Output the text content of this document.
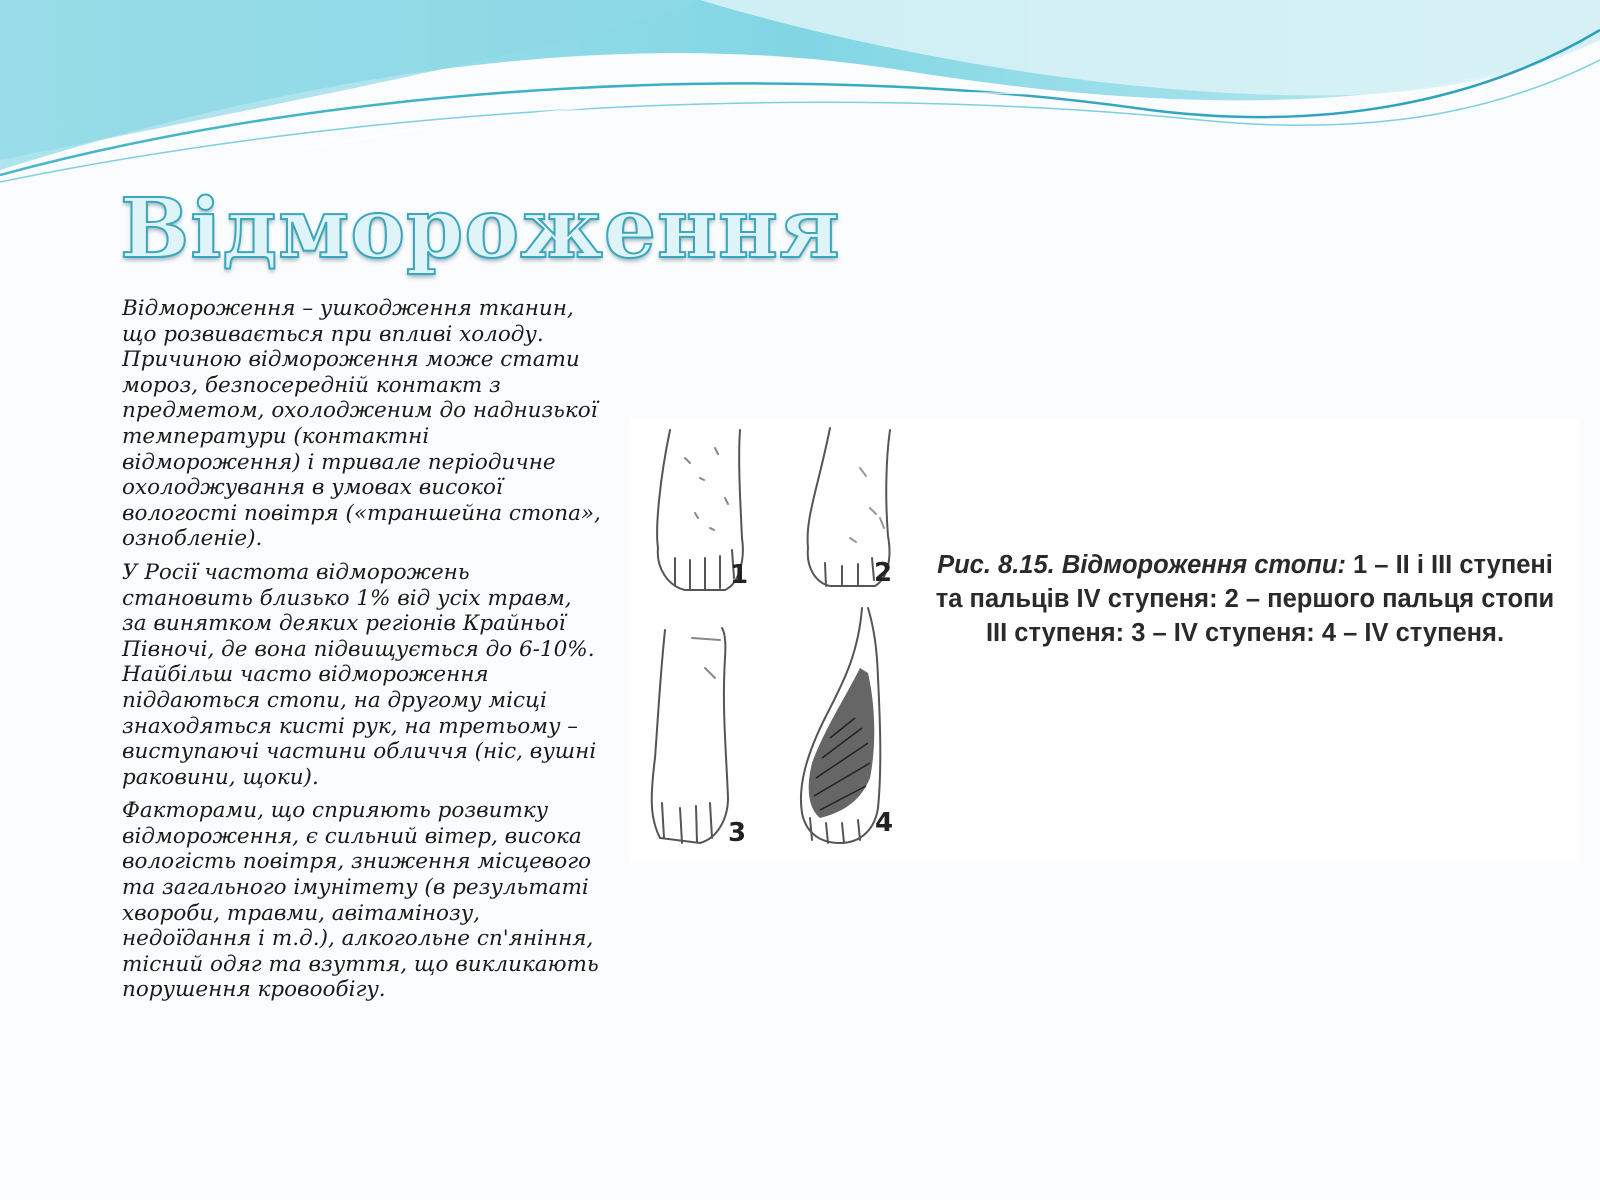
Відмороження

Відмороження – ушкодження тканин, що розвивається при впливі холоду. Причиною відмороження може стати мороз, безпосередній контакт з предметом, охолодженим до наднизької температури (контактні відмороження) і тривале періодичне охолоджування в умовах високої вологості повітря («траншейна стопа», ознобленіе).

У Росії частота відморожень становить близько 1% від усіх травм, за винятком деяких регіонів Крайньої Півночі, де вона підвищується до 6-10%. Найбільш часто відмороження піддаються стопи, на другому місці знаходяться кисті рук, на третьому – виступаючі частини обличчя (ніс, вушні раковини, щоки).

Факторами, що сприяють розвитку відмороження, є сильний вітер, висока вологість повітря, зниження місцевого та загального імунітету (в результаті хвороби, травми, авітамінозу, недоїдання і т.д.), алкогольне сп'яніння, тісний одяг та взуття, що викликають порушення кровообігу.

1	2
3	4
Рис. 8.15. Відмороження стопи: 1 – II і III ступені та пальців IV ступеня: 2 – першого пальця стопи III ступеня: 3 – IV ступеня: 4 – IV ступеня.
